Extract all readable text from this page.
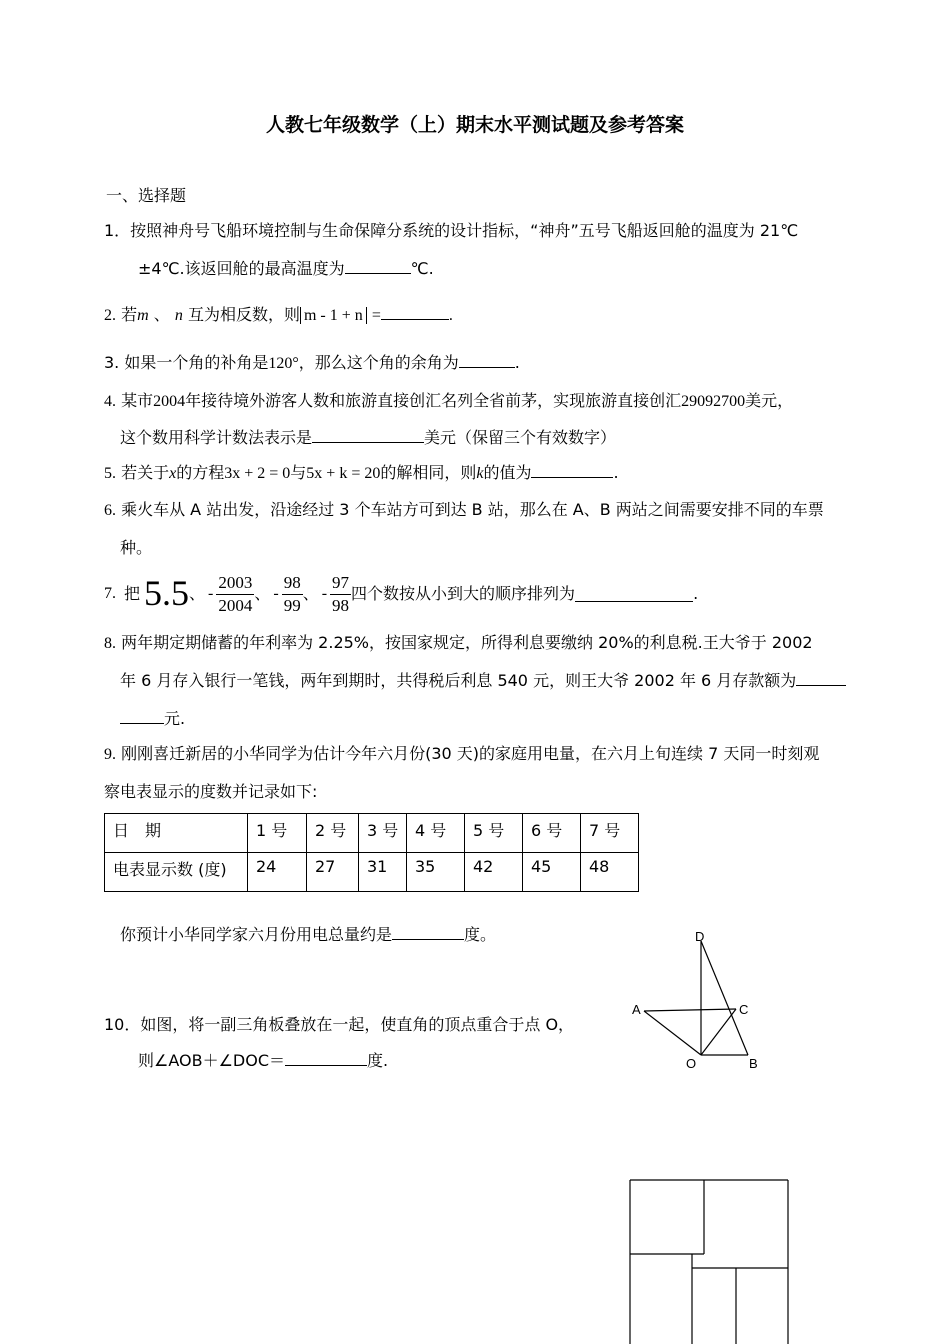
人教七年级数学（上）期末水平测试题及参考答案
一、选择题
1．按照神舟号飞船环境控制与生命保障分系统的设计指标，“神舟”五号飞船返回舱的温度为 21℃
±4℃.该返回舱的最高温度为	℃.
2. 若m 、 n 互为相反数，则 m - 1 + n =	.
3. 如果一个角的补角是120°，那么这个角的余角为	.
4. 某市2004年接待境外游客人数和旅游直接创汇名列全省前茅，实现旅游直接创汇29092700美元，
这个数用科学计数法表示是	美元（保留三个有效数字）
5. 若关于x的方程3x + 2 = 0与5x + k = 20的解相同，则k的值为	.
6. 乘火车从 A 站出发，沿途经过 3 个车站方可到达 B 站，那么在 A、B 两站之间需要安排不同的车票
种。
7. 把 5.5 、 - $\frac{2003}{2004}$ 、 - $\frac{98}{99}$ 、 - $\frac{97}{98}$ 四个数按从小到大的顺序排列为	.
8. 两年期定期储蓄的年利率为 2.25%，按国家规定，所得利息要缴纳 20%的利息税.王大爷于 2002
年 6 月存入银行一笔钱，两年到期时，共得税后利息 540 元，则王大爷 2002 年 6 月存款额为
元.
9. 刚刚喜迁新居的小华同学为估计今年六月份(30 天)的家庭用电量，在六月上旬连续 7 天同一时刻观
察电表显示的度数并记录如下:
日　期	1 号	2 号	3 号	4 号	5 号	6 号	7 号
电表显示数 (度)	24	27	31	35	42	45	48
你预计小华同学家六月份用电总量约是	度。
10．如图，将一副三角板叠放在一起，使直角的顶点重合于点 O，
则∠AOB＋∠DOC＝	度.
D
A	C
O	B
